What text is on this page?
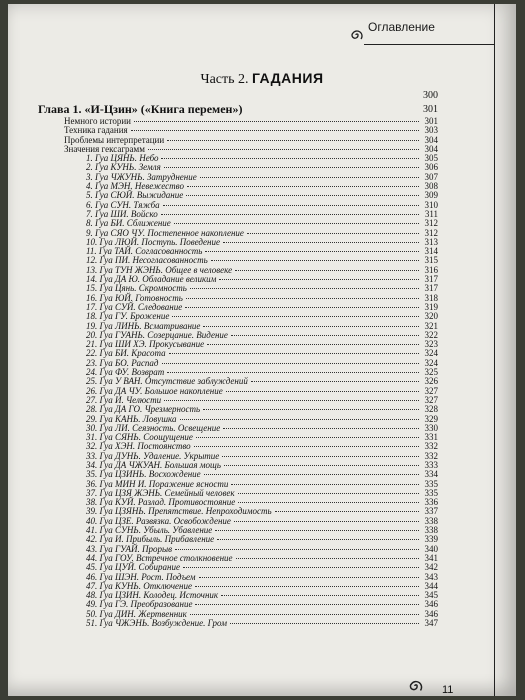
Оглавление
Часть 2. ГАДАНИЯ
300
Глава 1. «И-Цзин» («Книга перемен»)	301
Немного истории	301
Техника гадания	303
Проблемы интерпретации	304
Значения гексаграмм	304
1. Гуа ЦЯНЬ. Небо	305
2. Гуа КУНЬ. Земля	306
3. Гуа ЧЖУНЬ. Затруднение	307
4. Гуа МЭН. Невежество	308
5. Гуа СЮЙ. Выжидание	309
6. Гуа СУН. Тяжба	310
7. Гуа ШИ. Войско	311
8. Гуа БИ. Сближение	312
9. Гуа СЯО ЧУ. Постепенное накопление	312
10. Гуа ЛЮЙ. Поступь. Поведение	313
11. Гуа ТАЙ. Согласованность	314
12. Гуа ПИ. Несогласованность	315
13. Гуа ТУН ЖЭНЬ. Общее в человеке	316
14. Гуа ДА Ю. Обладание великим	317
15. Гуа Цянь. Скромность	317
16. Гуа ЮЙ. Готовность	318
17. Гуа СУЙ. Следование	319
18. Гуа ГУ. Брожение	320
19. Гуа ЛИНЬ. Всматривание	321
20. Гуа ГУАНЬ. Созерцание. Видение	322
21. Гуа ШИ ХЭ. Прокусывание	323
22. Гуа БИ. Красота	324
23. Гуа БО. Распад	324
24. Гуа ФУ. Возврат	325
25. Гуа У ВАН. Отсутствие заблуждений	326
26. Гуа ДА ЧУ. Большое накопление	327
27. Гуа И. Челюсти	327
28. Гуа ДА ГО. Чрезмерность	328
29. Гуа КАНЬ. Ловушка	329
30. Гуа ЛИ. Сеязность. Освещение	330
31. Гуа СЯНЬ. Соощущение	331
32. Гуа ХЭН. Постоянство	332
33. Гуа ДУНЬ. Удаление. Укрытие	332
34. Гуа ДА ЧЖУАН. Большая мощь	333
35. Гуа ЦЗИНЬ. Восхождение	334
36. Гуа МИН И. Поражение ясности	335
37. Гуа ЦЗЯ ЖЭНЬ. Семейный человек	335
38. Гуа КУЙ. Разлад. Противостояние	336
39. Гуа ЦЗЯНЬ. Препятствие. Непроходимость	337
40. Гуа ЦЗЕ. Развязка. Освобождение	338
41. Гуа СУНЬ. Убыль. Убавление	338
42. Гуа И. Прибыль. Прибавление	339
43. Гуа ГУАЙ. Прорыв	340
44. Гуа ГОУ. Встречное столкновение	341
45. Гуа ЦУЙ. Собирание	342
46. Гуа ШЭН. Рост. Подъем	343
47. Гуа КУНЬ. Отключение	344
48. Гуа ЦЗИН. Колодец. Источник	345
49. Гуа ГЭ. Преобразование	346
50. Гуа ДИН. Жертвенник	346
51. Гуа ЧЖЭНЬ. Возбуждение. Гром	347
11
